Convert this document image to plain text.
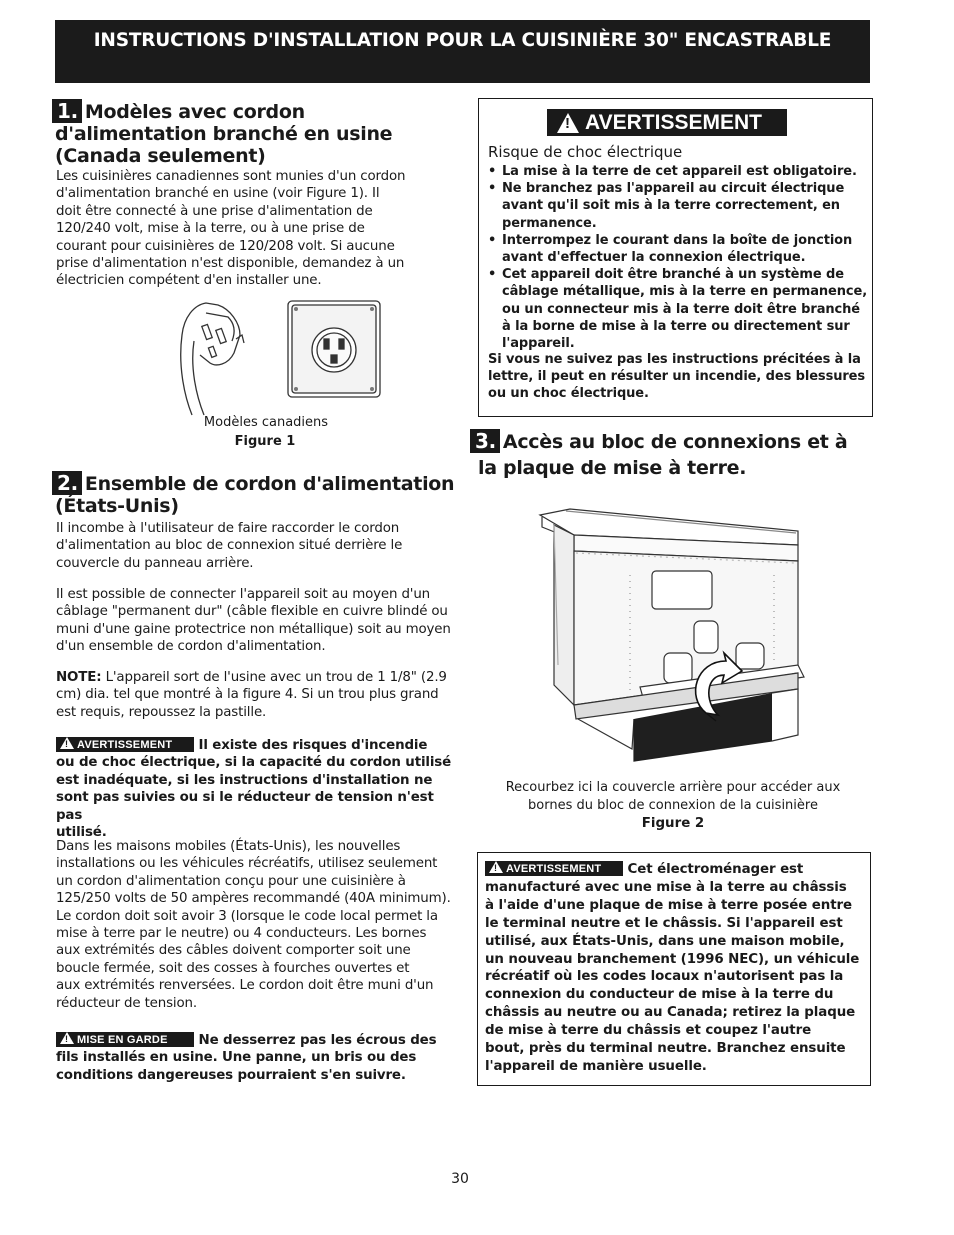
INSTRUCTIONS D'INSTALLATION POUR LA CUISINIÈRE 30" ENCASTRABLE
1. Modèles avec cordon
d'alimentation branché en usine
(Canada seulement)
Les cuisinières canadiennes sont munies d'un cordon
d'alimentation branché en usine (voir Figure 1). Il
doit être connecté à une prise d'alimentation de
120/240 volt, mise à la terre, ou à une prise de
courant pour cuisinières de 120/208 volt. Si aucune
prise d'alimentation n'est disponible, demandez à un
électricien compétent d'en installer une.
Modèles canadiens
Figure 1
2. Ensemble de cordon d'alimentation
(États-Unis)
Il incombe à l'utilisateur de faire raccorder le cordon
d'alimentation au bloc de connexion situé derrière le
couvercle du panneau arrière.
Il est possible de connecter l'appareil soit au moyen d'un
câblage "permanent dur" (câble flexible en cuivre blindé ou
muni d'une gaine protectrice non métallique) soit au moyen
d'un ensemble de cordon d'alimentation.
NOTE: L'appareil sort de l'usine avec un trou de 1 1/8" (2.9
cm) dia. tel que montré à la figure 4. Si un trou plus grand
est requis, repoussez la pastille.
! AVERTISSEMENT Il existe des risques d'incendie
ou de choc électrique, si la capacité du cordon utilisé
est inadéquate, si les instructions d'installation ne
sont pas suivies ou si le réducteur de tension n'est pas
utilisé.
Dans les maisons mobiles (États-Unis), les nouvelles
installations ou les véhicules récréatifs, utilisez seulement
un cordon d'alimentation conçu pour une cuisinière à
125/250 volts de 50 ampères recommandé (40A minimum).
Le cordon doit soit avoir 3 (lorsque le code local permet la
mise à terre par le neutre) ou 4 conducteurs. Les bornes
aux extrémités des câbles doivent comporter soit une
boucle fermée, soit des cosses à fourches ouvertes et
aux extrémités renversées. Le cordon doit être muni d'un
réducteur de tension.
! MISE EN GARDE Ne desserrez pas les écrous des
fils installés en usine. Une panne, un bris ou des
conditions dangereuses pourraient s'en suivre.
! AVERTISSEMENT
Risque de choc électrique
• La mise à la terre de cet appareil est obligatoire.
• Ne branchez pas l'appareil au circuit électrique
avant qu'il soit mis à la terre correctement, en
permanence.
• Interrompez le courant dans la boîte de jonction
avant d'effectuer la connexion électrique.
• Cet appareil doit être branché à un système de
câblage métallique, mis à la terre en permanence,
ou un connecteur mis à la terre doit être branché
à la borne de mise à la terre ou directement sur
l'appareil.
Si vous ne suivez pas les instructions précitées à la
lettre, il peut en résulter un incendie, des blessures
ou un choc électrique.
3. Accès au bloc de connexions et à
la plaque de mise à terre.
Recourbez ici la couvercle arrière pour accéder aux
bornes du bloc de connexion de la cuisinière
Figure 2
! AVERTISSEMENT Cet électroménager est
manufacturé avec une mise à la terre au châssis
à l'aide d'une plaque de mise à terre posée entre
le terminal neutre et le châssis. Si l'appareil est
utilisé, aux États-Unis, dans une maison mobile,
un nouveau branchement (1996 NEC), un véhicule
récréatif où les codes locaux n'autorisent pas la
connexion du conducteur de mise à la terre du
châssis au neutre ou au Canada; retirez la plaque
de mise à terre du châssis et coupez l'autre
bout, près du terminal neutre. Branchez ensuite
l'appareil de manière usuelle.
30
